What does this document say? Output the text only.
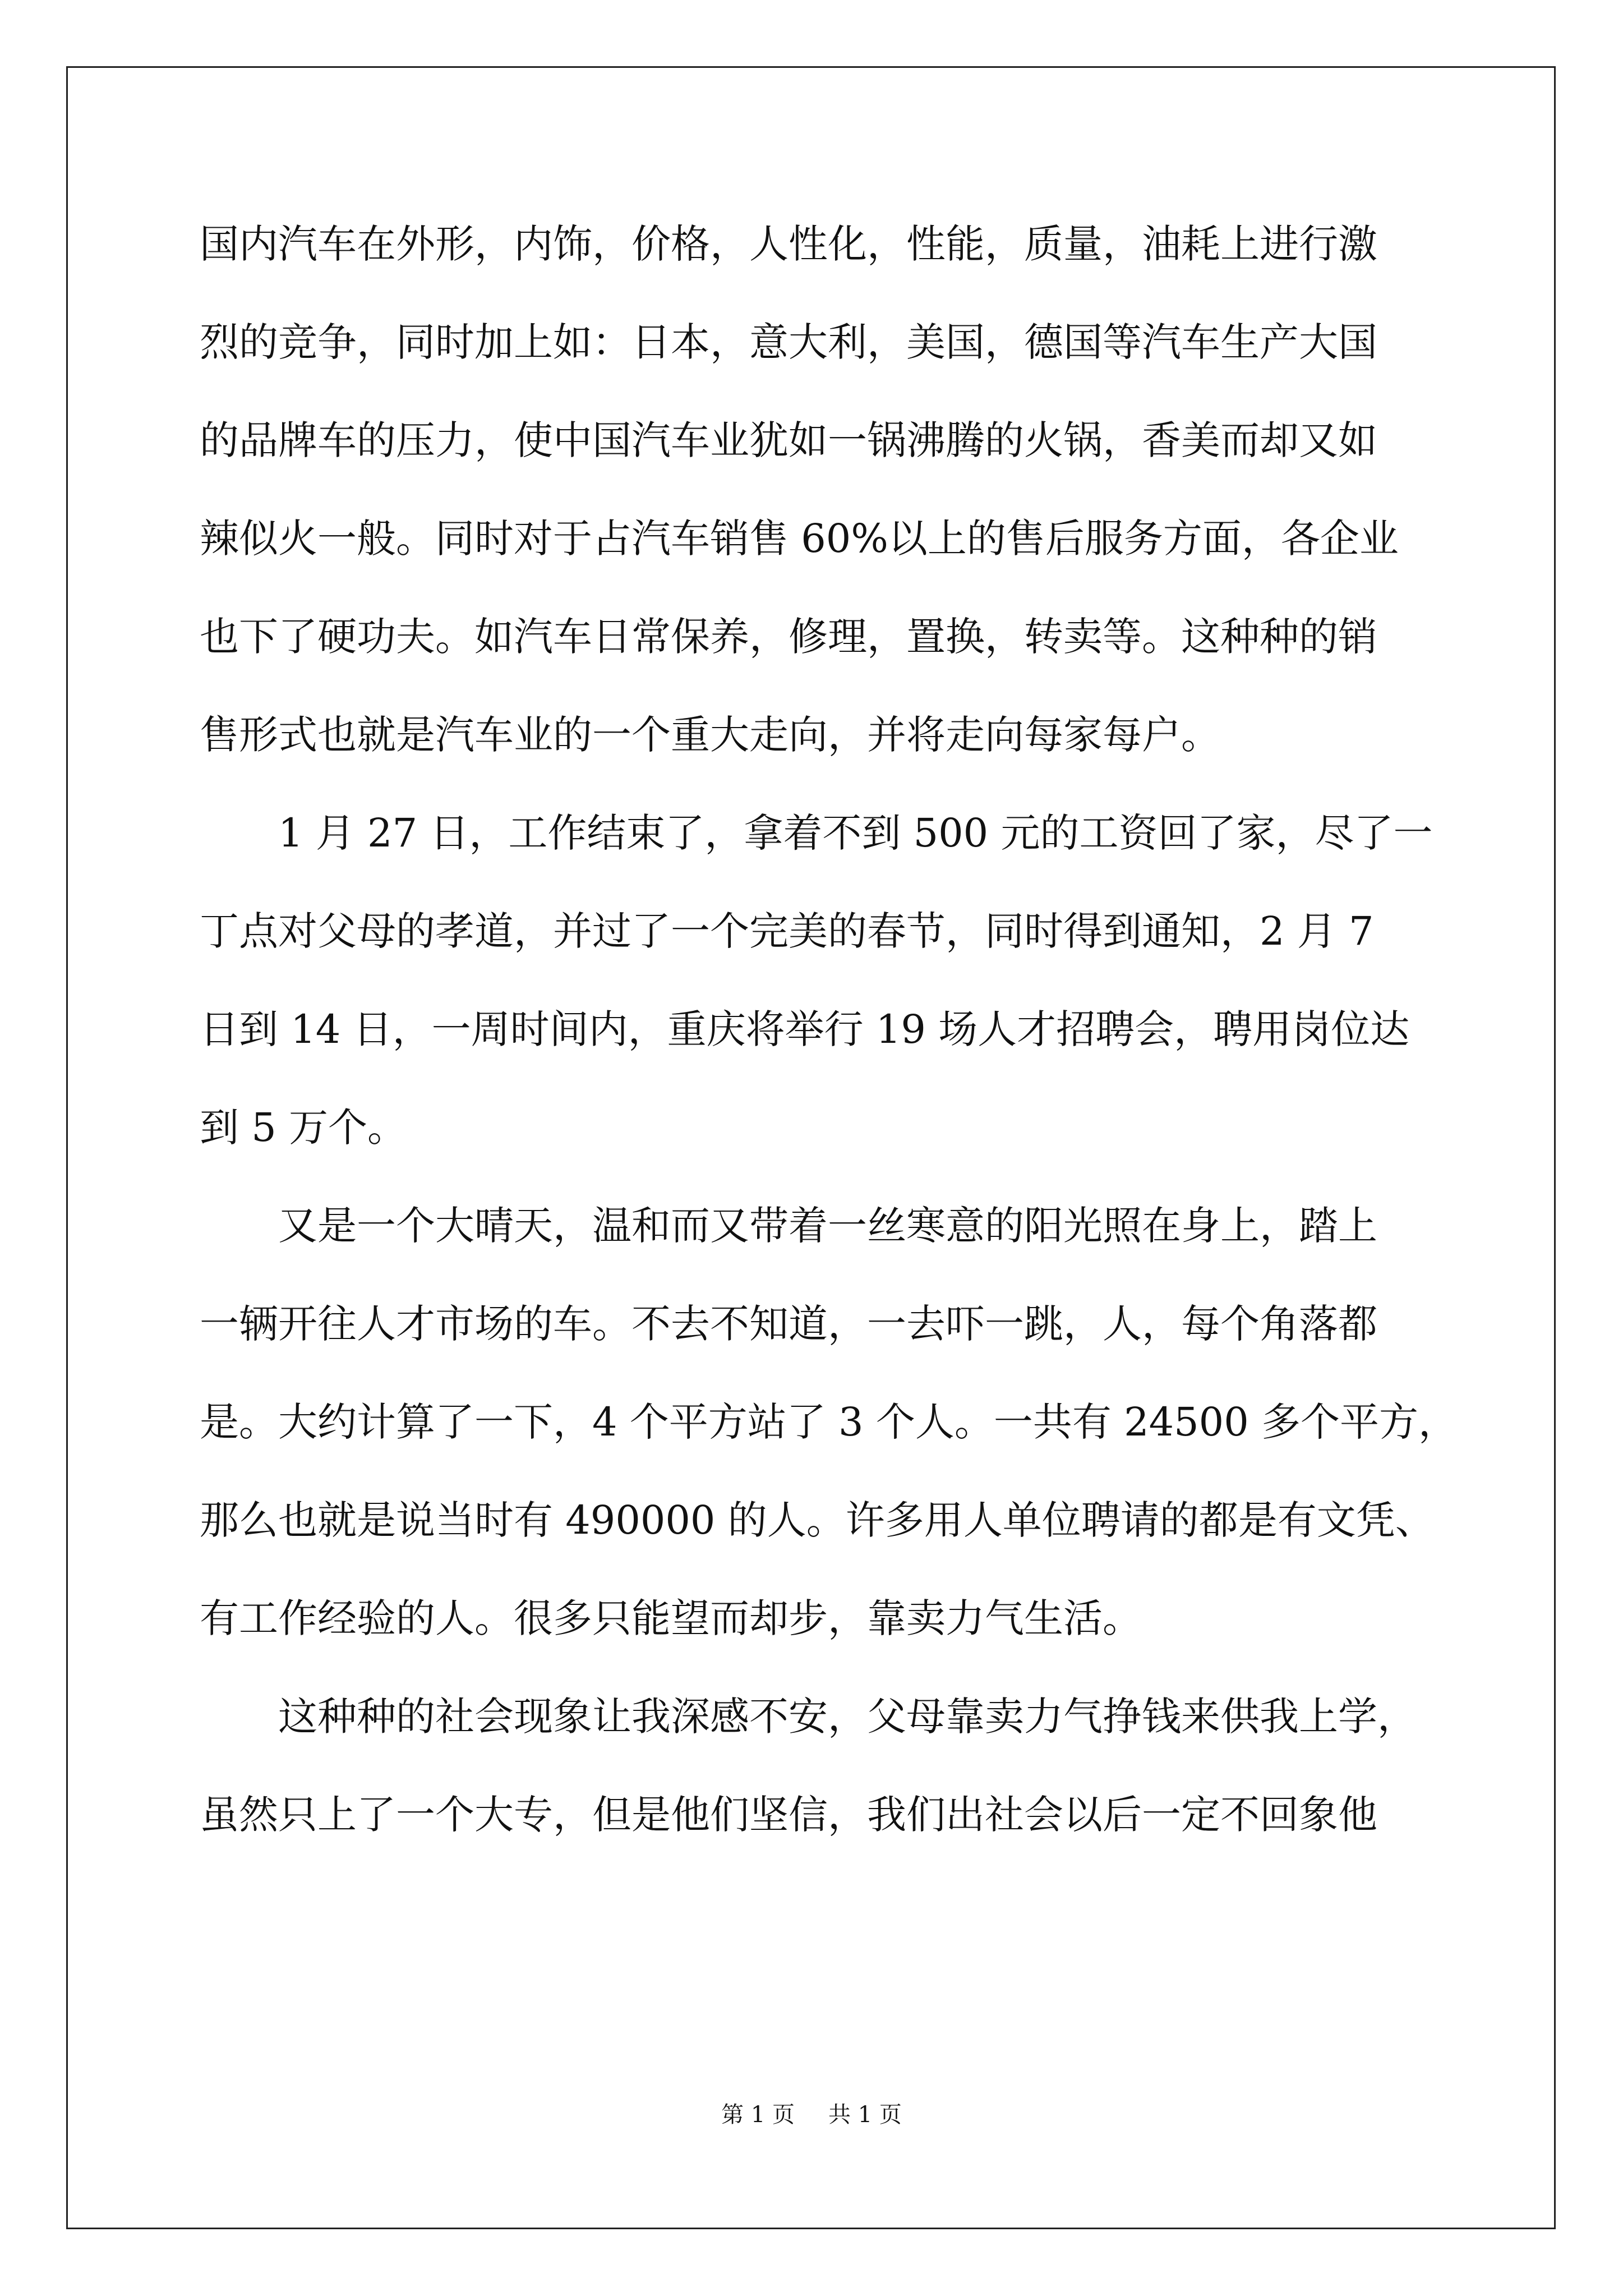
国内汽车在外形，内饰，价格，人性化，性能，质量，油耗上进行激
烈的竞争，同时加上如：日本，意大利，美国，德国等汽车生产大国
的品牌车的压力，使中国汽车业犹如一锅沸腾的火锅，香美而却又如
辣似火一般。同时对于占汽车销售 60%以上的售后服务方面，各企业
也下了硬功夫。如汽车日常保养，修理，置换，转卖等。这种种的销
售形式也就是汽车业的一个重大走向，并将走向每家每户。
1 月 27 日，工作结束了，拿着不到 500 元的工资回了家，尽了一
丁点对父母的孝道，并过了一个完美的春节，同时得到通知，2 月 7
日到 14 日，一周时间内，重庆将举行 19 场人才招聘会，聘用岗位达
到 5 万个。
又是一个大晴天，温和而又带着一丝寒意的阳光照在身上，踏上
一辆开往人才市场的车。不去不知道，一去吓一跳，人，每个角落都
是。大约计算了一下，4 个平方站了 3 个人。一共有 24500 多个平方，
那么也就是说当时有 490000 的人。许多用人单位聘请的都是有文凭、
有工作经验的人。很多只能望而却步，靠卖力气生活。
这种种的社会现象让我深感不安，父母靠卖力气挣钱来供我上学，
虽然只上了一个大专，但是他们坚信，我们出社会以后一定不回象他
第 1 页 共 1 页
